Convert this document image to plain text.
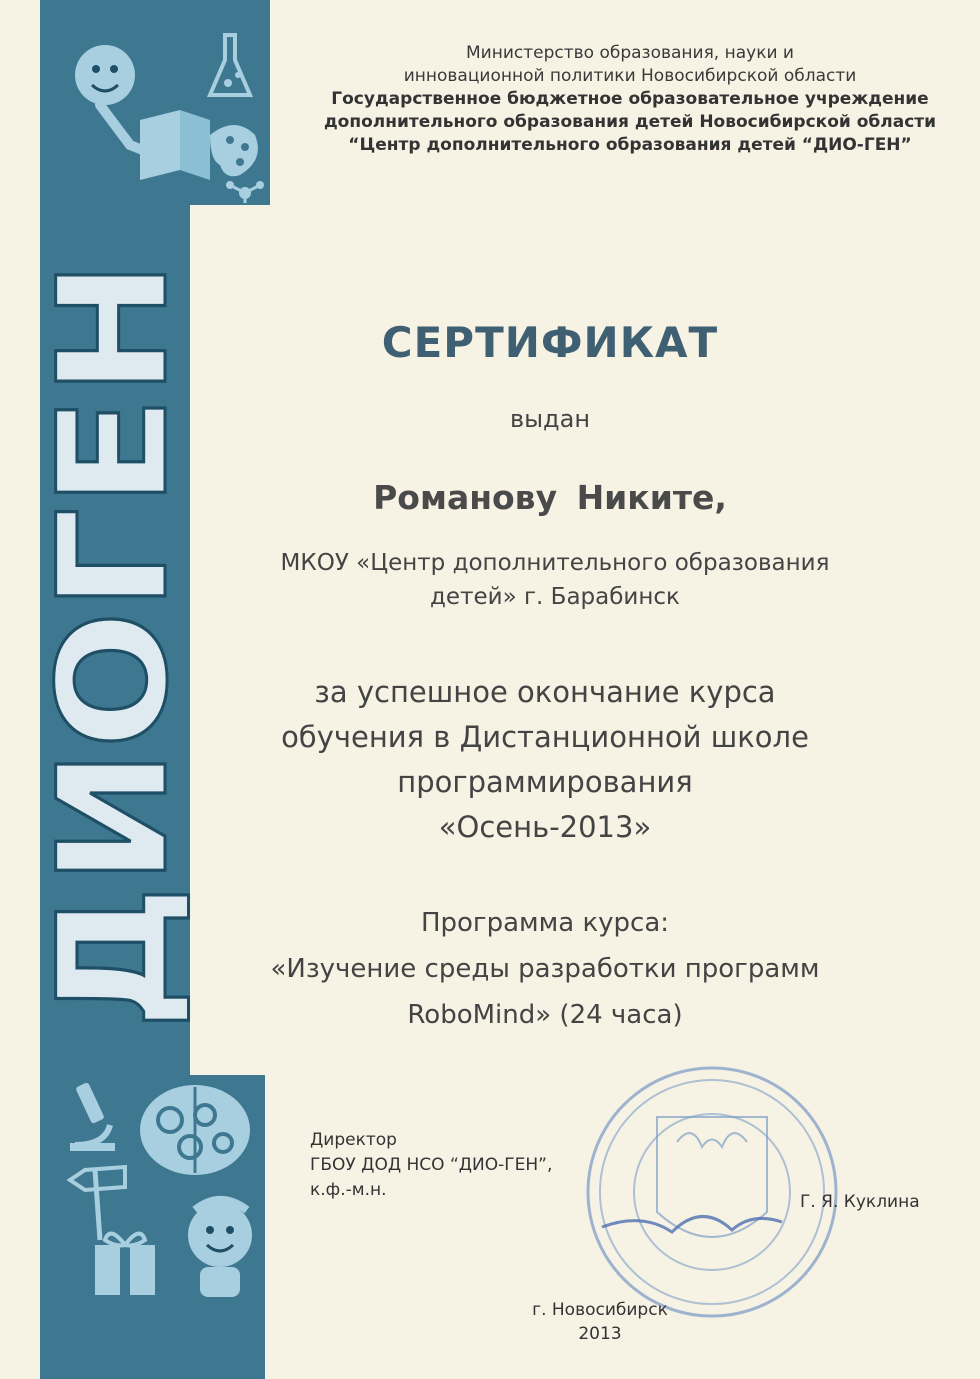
ДИОГЕН
Министерство образования, науки и
инновационной политики Новосибирской области
Государственное бюджетное образовательное учреждение
дополнительного образования детей Новосибирской области
“Центр дополнительного образования детей “ДИО-ГЕН”
СЕРТИФИКАТ
выдан
Романову Никите,
МКОУ «Центр дополнительного образования
детей» г. Барабинск
за успешное окончание курса
обучения в Дистанционной школе
программирования
«Осень-2013»
Программа курса:
«Изучение среды разработки программ
RoboMind» (24 часа)
Директор
ГБОУ ДОД НСО “ДИО-ГЕН”,
к.ф.-м.н.
Г. Я. Куклина
г. Новосибирск
2013
